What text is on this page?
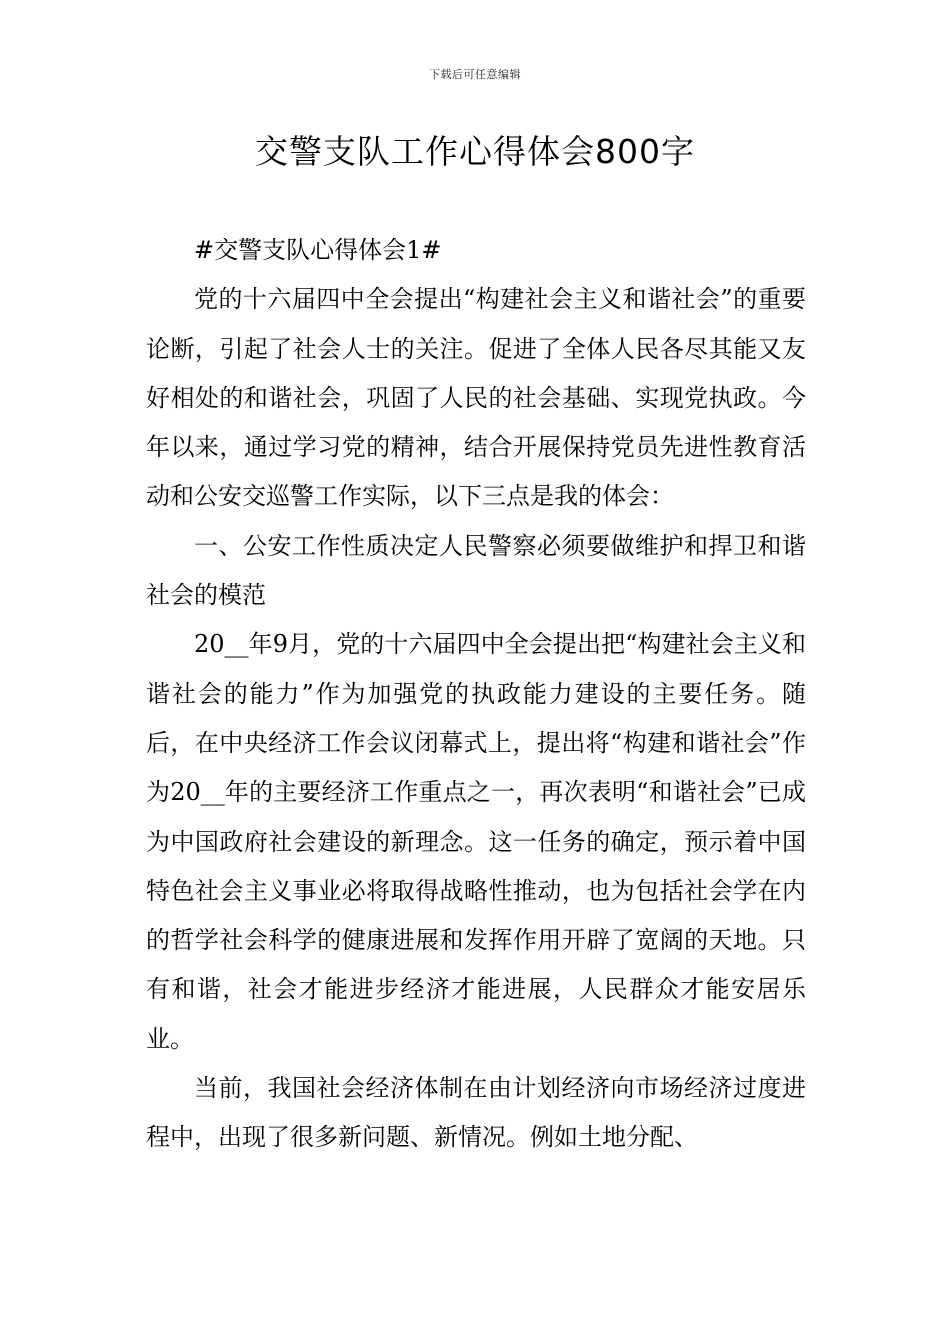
下载后可任意编辑
交警支队工作心得体会800字

#交警支队心得体会1#

党的十六届四中全会提出“构建社会主义和谐社会”的重要论断，引起了社会人士的关注。促进了全体人民各尽其能又友好相处的和谐社会，巩固了人民的社会基础、实现党执政。今年以来，通过学习党的精神，结合开展保持党员先进性教育活动和公安交巡警工作实际，以下三点是我的体会：

一、公安工作性质决定人民警察必须要做维护和捍卫和谐社会的模范

20__年9月，党的十六届四中全会提出把“构建社会主义和谐社会的能力”作为加强党的执政能力建设的主要任务。随后，在中央经济工作会议闭幕式上，提出将“构建和谐社会”作为20__年的主要经济工作重点之一，再次表明“和谐社会”已成为中国政府社会建设的新理念。这一任务的确定，预示着中国特色社会主义事业必将取得战略性推动，也为包括社会学在内的哲学社会科学的健康进展和发挥作用开辟了宽阔的天地。只有和谐，社会才能进步经济才能进展，人民群众才能安居乐业。

当前，我国社会经济体制在由计划经济向市场经济过度进程中，出现了很多新问题、新情况。例如土地分配、
